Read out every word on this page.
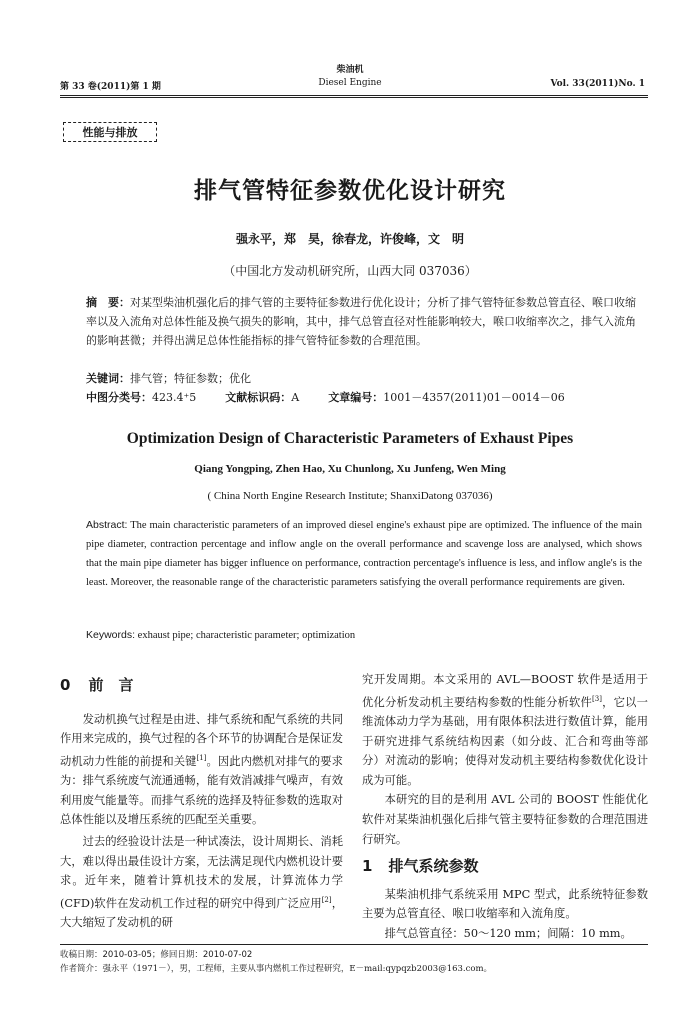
第 33 卷(2011)第 1 期
柴油机
Diesel Engine	Vol. 33(2011)No. 1
性能与排放
排气管特征参数优化设计研究
强永平，郑　昊，徐春龙，许俊峰，文　明
（中国北方发动机研究所，山西大同 037036）
摘　要：对某型柴油机强化后的排气管的主要特征参数进行优化设计；分析了排气管特征参数总管直径、喉口收缩率以及入流角对总体性能及换气损失的影响，其中，排气总管直径对性能影响较大，喉口收缩率次之，排气入流角的影响甚微；并得出满足总体性能指标的排气管特征参数的合理范围。
关键词：排气管；特征参数；优化
中图分类号：423.4⁺5	文献标识码：A	文章编号：1001－4357(2011)01－0014－06
Optimization Design of Characteristic Parameters of Exhaust Pipes
Qiang Yongping, Zhen Hao, Xu Chunlong, Xu Junfeng, Wen Ming
( China North Engine Research Institute; ShanxiDatong 037036)
Abstract: The main characteristic parameters of an improved diesel engine's exhaust pipe are optimized. The influence of the main pipe diameter, contraction percentage and inflow angle on the overall performance and scavenge loss are analysed, which shows that the main pipe diameter has bigger influence on performance, contraction percentage's influence is less, and inflow angle's is the least. Moreover, the reasonable range of the characteristic parameters satisfying the overall performance requirements are given.
Keywords: exhaust pipe; characteristic parameter; optimization
0 前　言

发动机换气过程是由进、排气系统和配气系统的共同作用来完成的，换气过程的各个环节的协调配合是保证发动机动力性能的前提和关键[1]。因此内燃机对排气的要求为：排气系统废气流通通畅，能有效消减排气噪声，有效利用废气能量等。而排气系统的选择及特征参数的选取对总体性能以及增压系统的匹配至关重要。

过去的经验设计法是一种试凑法，设计周期长、消耗大，难以得出最佳设计方案，无法满足现代内燃机设计要求。近年来，随着计算机技术的发展，计算流体力学(CFD)软件在发动机工作过程的研究中得到广泛应用[2]，大大缩短了发动机的研

究开发周期。本文采用的 AVL—BOOST 软件是适用于优化分析发动机主要结构参数的性能分析软件[3]，它以一维流体动力学为基础，用有限体积法进行数值计算，能用于研究进排气系统结构因素（如分歧、汇合和弯曲等部分）对流动的影响；使得对发动机主要结构参数优化设计成为可能。

本研究的目的是利用 AVL 公司的 BOOST 性能优化软件对某柴油机强化后排气管主要特征参数的合理范围进行研究。

1 排气系统参数

某柴油机排气系统采用 MPC 型式，此系统特征参数主要为总管直径、喉口收缩率和入流角度。

排气总管直径：50～120 mm；间隔：10 mm。

收稿日期：2010-03-05；修回日期：2010-07-02
作者简介：强永平（1971－），男，工程师，主要从事内燃机工作过程研究，E－mail:qypqzb2003@163.com。
